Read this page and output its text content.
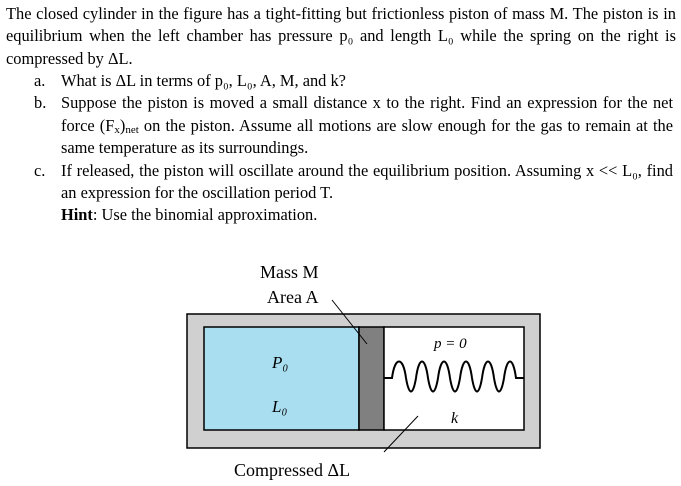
The closed cylinder in the figure has a tight-fitting but frictionless piston of mass M. The piston is in equilibrium when the left chamber has pressure p₀ and length L₀ while the spring on the right is compressed by ΔL.
a. What is ΔL in terms of p₀, L₀, A, M, and k?
b. Suppose the piston is moved a small distance x to the right. Find an expression for the net force $(F_x)_{net}$ on the piston. Assume all motions are slow enough for the gas to remain at the same temperature as its surroundings.
c. If released, the piston will oscillate around the equilibrium position. Assuming x << L₀, find an expression for the oscillation period T.
Hint: Use the binomial approximation.
Mass M
Area A
P₀
L₀
p = 0
k
Compressed ΔL
